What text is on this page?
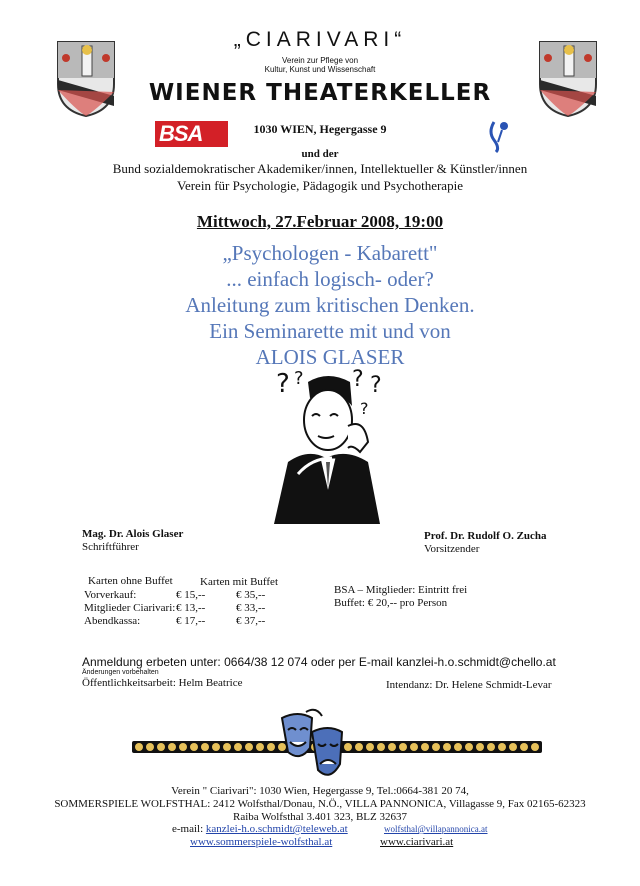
„CIARIVARI“
Verein zur Pflege von
Kultur, Kunst und Wissenschaft
WIENER THEATERKELLER
BSA	1030 WIEN, Hegergasse 9
und der
Bund sozialdemokratischer Akademiker/innen, Intellektueller & Künstler/innen
Verein für Psychologie, Pädagogik und Psychotherapie
Mittwoch, 27.Februar 2008, 19:00
„Psychologen - Kabarett"
... einfach logisch- oder?
Anleitung zum kritischen Denken.
Ein Seminarette mit und von
ALOIS GLASER
? ? ? ?
?
Mag. Dr. Alois Glaser
Schriftführer
Prof. Dr. Rudolf O. Zucha
Vorsitzender
Karten ohne Buffet Karten mit Buffet
Vorverkauf:	€ 15,--	€ 35,--
Mitglieder Ciarivari: € 13,--	€ 33,--
Abendkassa:	€ 17,--	€ 37,--
BSA – Mitglieder: Eintritt frei
Buffet: € 20,-- pro Person
Anmeldung erbeten unter: 0664/38 12 074 oder per E-mail kanzlei-h.o.schmidt@chello.at
Änderungen vorbehalten
Öffentlichkeitsarbeit: Helm Beatrice	Intendanz: Dr. Helene Schmidt-Levar
Verein " Ciarivari": 1030 Wien, Hegergasse 9, Tel.:0664-381 20 74,
SOMMERSPIELE WOLFSTHAL: 2412 Wolfsthal/Donau, N.Ö., VILLA PANNONICA, Villagasse 9, Fax 02165-62323
Raiba Wolfsthal 3.401 323, BLZ 32637
e-mail: kanzlei-h.o.schmidt@teleweb.at	wolfsthal@villapannonica.at
www.sommerspiele-wolfsthal.at	www.ciarivari.at
